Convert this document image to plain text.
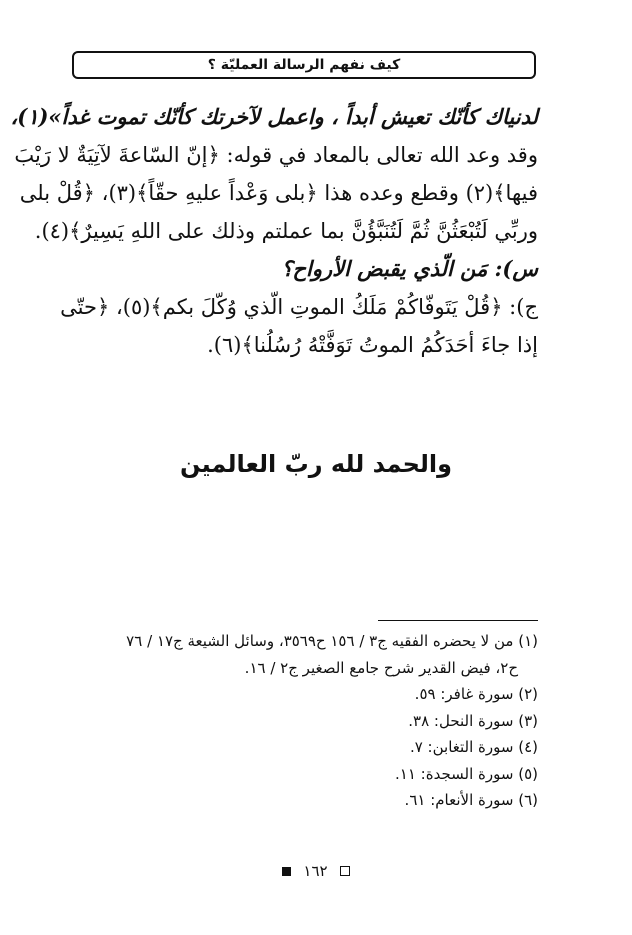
كيف نفهم الرسالة العمليّة ؟
لدنياك كأنّك تعيش أبداً ، واعمل لآخرتك كأنّك تموت غداً»(١)،
وقد وعد الله تعالى بالمعاد في قوله: ﴿إنّ السّاعةَ لآتِيَةٌ لا رَيْبَ
فيها﴾(٢) وقطع وعده هذا ﴿بلى وَعْداً عليهِ حقّاً﴾(٣)، ﴿قُلْ بلى
وربِّي لَتُبْعَثُنَّ ثُمَّ لَتُنَبَّؤُنَّ بما عملتم وذلك على اللهِ يَسِيرٌ﴾(٤).
س): مَن الّذي يقبض الأرواح؟
ج): ﴿قُلْ يَتَوفّاكُمْ مَلَكُ الموتِ الّذي وُكّلَ بكم﴾(٥)، ﴿حتّى
إذا جاءَ أحَدَكُمُ الموتُ تَوَفَّتْهُ رُسُلُنا﴾(٦).
والحمد لله ربّ العالمين
(١) من لا يحضره الفقيه ج٣ / ١٥٦ ح٣٥٦٩، وسائل الشيعة ج١٧ / ٧٦
ح٢، فيض القدير شرح جامع الصغير ج٢ / ١٦.
(٢) سورة غافر: ٥٩.
(٣) سورة النحل: ٣٨.
(٤) سورة التغابن: ٧.
(٥) سورة السجدة: ١١.
(٦) سورة الأنعام: ٦١.
١٦٢
